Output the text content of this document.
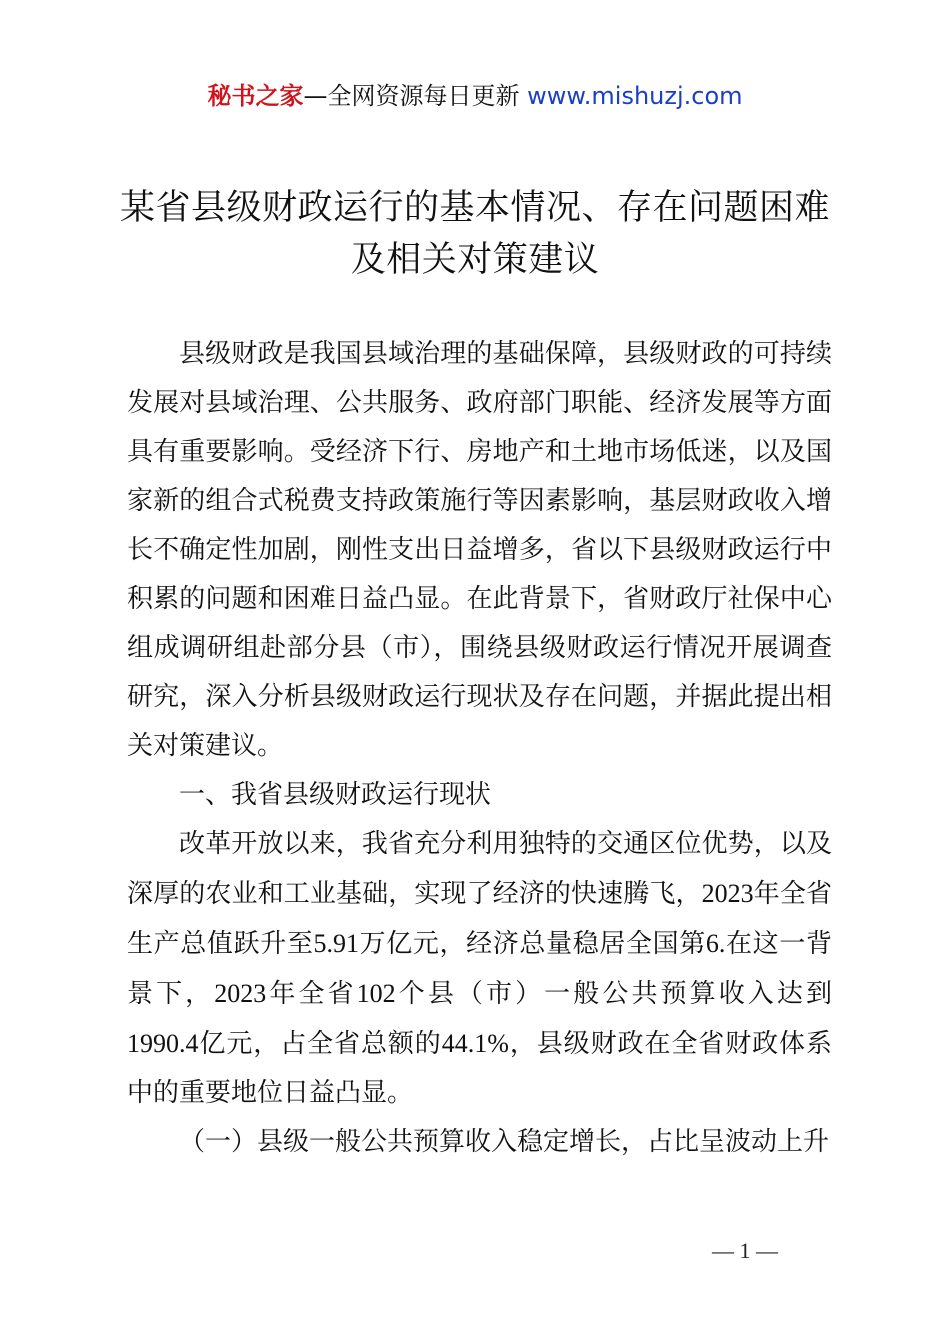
秘书之家—全网资源每日更新 www.mishuzj.com
某省县级财政运行的基本情况、存在问题困难
及相关对策建议

县级财政是我国县域治理的基础保障，县级财政的可持续发展对县域治理、公共服务、政府部门职能、经济发展等方面具有重要影响。受经济下行、房地产和土地市场低迷，以及国家新的组合式税费支持政策施行等因素影响，基层财政收入增长不确定性加剧，刚性支出日益增多，省以下县级财政运行中积累的问题和困难日益凸显。在此背景下，省财政厅社保中心组成调研组赴部分县（市），围绕县级财政运行情况开展调查研究，深入分析县级财政运行现状及存在问题，并据此提出相关对策建议。

一、我省县级财政运行现状

改革开放以来，我省充分利用独特的交通区位优势，以及深厚的农业和工业基础，实现了经济的快速腾飞，2023年全省生产总值跃升至5.91万亿元，经济总量稳居全国第6.在这一背景下，2023年全省102个县（市）一般公共预算收入达到1990.4亿元，占全省总额的44.1%，县级财政在全省财政体系中的重要地位日益凸显。

（一）县级一般公共预算收入稳定增长，占比呈波动上升

— 1 —
